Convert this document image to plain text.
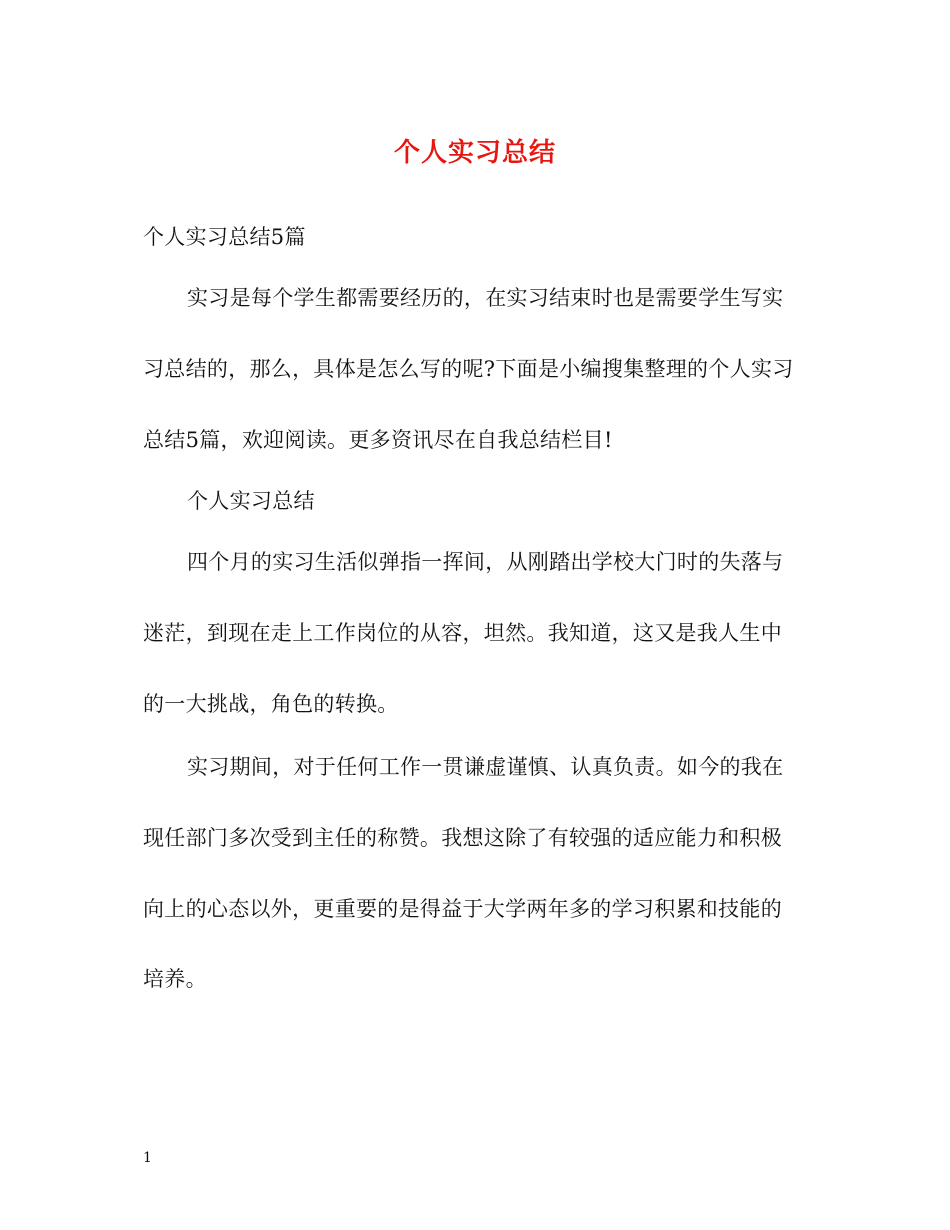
个人实习总结
个人实习总结5篇
实习是每个学生都需要经历的，在实习结束时也是需要学生写实
习总结的，那么，具体是怎么写的呢?下面是小编搜集整理的个人实习
总结5篇，欢迎阅读。更多资讯尽在自我总结栏目!
个人实习总结
四个月的实习生活似弹指一挥间，从刚踏出学校大门时的失落与
迷茫，到现在走上工作岗位的从容，坦然。我知道，这又是我人生中
的一大挑战，角色的转换。
实习期间，对于任何工作一贯谦虚谨慎、认真负责。如今的我在
现任部门多次受到主任的称赞。我想这除了有较强的适应能力和积极
向上的心态以外，更重要的是得益于大学两年多的学习积累和技能的
培养。
1
